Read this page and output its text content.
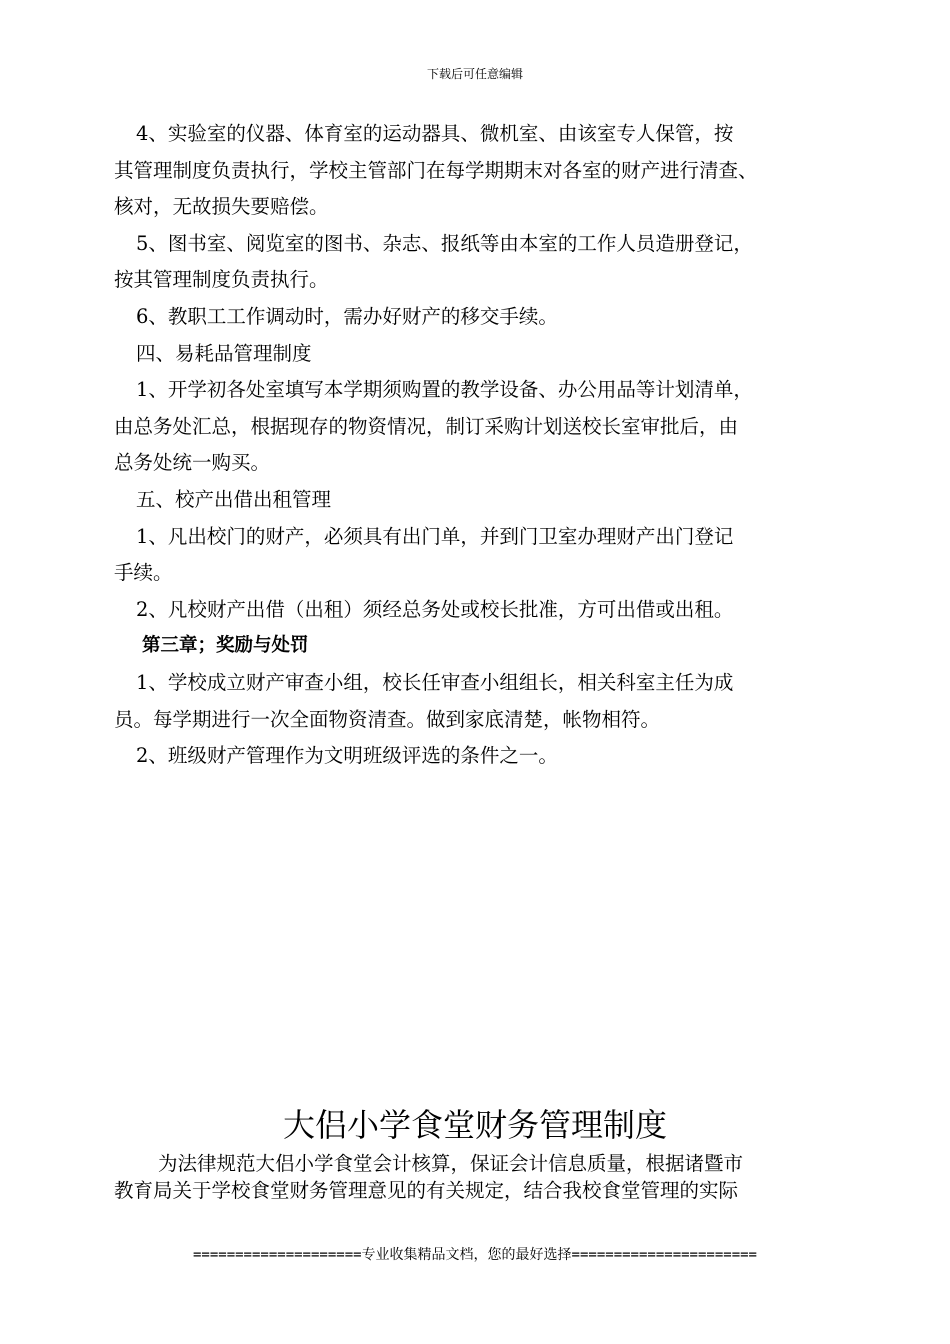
下载后可任意编辑
4、实验室的仪器、体育室的运动器具、微机室、由该室专人保管，按
其管理制度负责执行，学校主管部门在每学期期末对各室的财产进行清查、
核对，无故损失要赔偿。
5、图书室、阅览室的图书、杂志、报纸等由本室的工作人员造册登记，
按其管理制度负责执行。
6、教职工工作调动时，需办好财产的移交手续。
四、易耗品管理制度
1、开学初各处室填写本学期须购置的教学设备、办公用品等计划清单，
由总务处汇总，根据现存的物资情况，制订采购计划送校长室审批后，由
总务处统一购买。
五、校产出借出租管理
1、凡出校门的财产，必须具有出门单，并到门卫室办理财产出门登记
手续。
2、凡校财产出借（出租）须经总务处或校长批准，方可出借或出租。
第三章；奖励与处罚
1、学校成立财产审查小组，校长任审查小组组长，相关科室主任为成
员。每学期进行一次全面物资清查。做到家底清楚，帐物相符。
2、班级财产管理作为文明班级评选的条件之一。
大侣小学食堂财务管理制度
为法律规范大侣小学食堂会计核算，保证会计信息质量，根据诸暨市
教育局关于学校食堂财务管理意见的有关规定，结合我校食堂管理的实际
====================专业收集精品文档，您的最好选择======================
